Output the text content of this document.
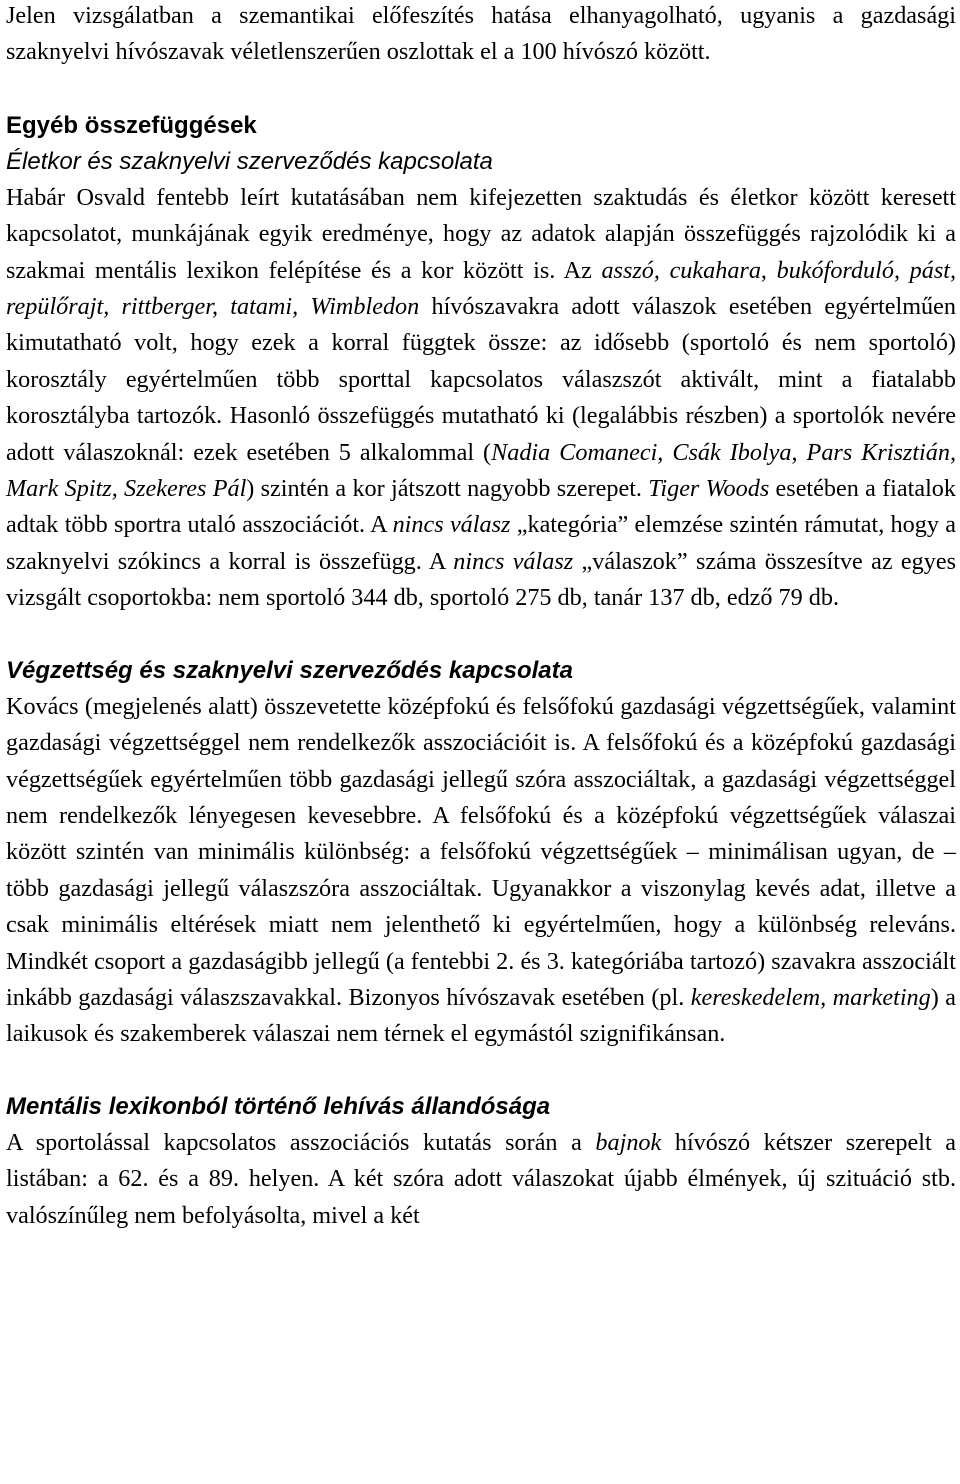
Jelen vizsgálatban a szemantikai előfeszítés hatása elhanyagolható, ugyanis a gazdasági szaknyelvi hívószavak véletlenszerűen oszlottak el a 100 hívószó között.

Egyéb összefüggések

Életkor és szaknyelvi szerveződés kapcsolata

Habár Osvald fentebb leírt kutatásában nem kifejezetten szaktudás és életkor között keresett kapcsolatot, munkájának egyik eredménye, hogy az adatok alapján összefüggés rajzolódik ki a szakmai mentális lexikon felépítése és a kor között is. Az asszó, cukahara, bukóforduló, pást, repülőrajt, rittberger, tatami, Wimbledon hívószavakra adott válaszok esetében egyértelműen kimutatható volt, hogy ezek a korral függtek össze: az idősebb (sportoló és nem sportoló) korosztály egyértelműen több sporttal kapcsolatos válaszszót aktivált, mint a fiatalabb korosztályba tartozók. Hasonló összefüggés mutatható ki (legalábbis részben) a sportolók nevére adott válaszoknál: ezek esetében 5 alkalommal (Nadia Comaneci, Csák Ibolya, Pars Krisztián, Mark Spitz, Szekeres Pál) szintén a kor játszott nagyobb szerepet. Tiger Woods esetében a fiatalok adtak több sportra utaló asszociációt. A nincs válasz „kategória” elemzése szintén rámutat, hogy a szaknyelvi szókincs a korral is összefügg. A nincs válasz „válaszok” száma összesítve az egyes vizsgált csoportokba: nem sportoló 344 db, sportoló 275 db, tanár 137 db, edző 79 db.

Végzettség és szaknyelvi szerveződés kapcsolata

Kovács (megjelenés alatt) összevetette középfokú és felsőfokú gazdasági végzettségűek, valamint gazdasági végzettséggel nem rendelkezők asszociációit is. A felsőfokú és a középfokú gazdasági végzettségűek egyértelműen több gazdasági jellegű szóra asszociáltak, a gazdasági végzettséggel nem rendelkezők lényegesen kevesebbre. A felsőfokú és a középfokú végzettségűek válaszai között szintén van minimális különbség: a felsőfokú végzettségűek – minimálisan ugyan, de – több gazdasági jellegű válaszszóra asszociáltak. Ugyanakkor a viszonylag kevés adat, illetve a csak minimális eltérések miatt nem jelenthető ki egyértelműen, hogy a különbség releváns. Mindkét csoport a gazdaságibb jellegű (a fentebbi 2. és 3. kategóriába tartozó) szavakra asszociált inkább gazdasági válaszszavakkal. Bizonyos hívószavak esetében (pl. kereskedelem, marketing) a laikusok és szakemberek válaszai nem térnek el egymástól szignifikánsan.

Mentális lexikonból történő lehívás állandósága

A sportolással kapcsolatos asszociációs kutatás során a bajnok hívószó kétszer szerepelt a listában: a 62. és a 89. helyen. A két szóra adott válaszokat újabb élmények, új szituáció stb. valószínűleg nem befolyásolta, mivel a két
